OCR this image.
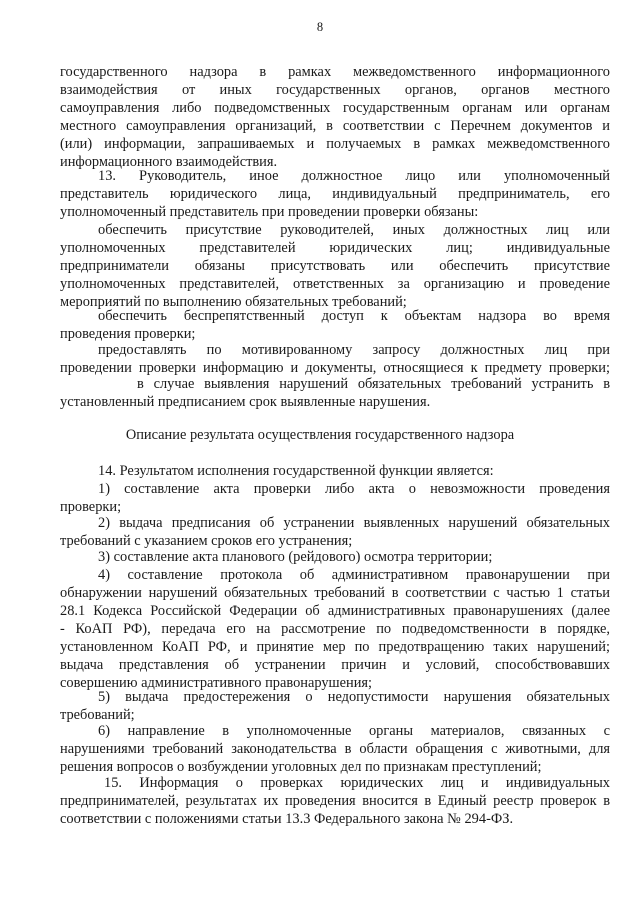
8
государственного надзора в рамках межведомственного информационного
взаимодействия от иных государственных органов, органов местного
самоуправления либо подведомственных государственным органам или органам
местного самоуправления организаций, в соответствии с Перечнем документов и
(или) информации, запрашиваемых и получаемых в рамках межведомственного
информационного взаимодействия.
13. Руководитель, иное должностное лицо или уполномоченный
представитель юридического лица, индивидуальный предприниматель, его
уполномоченный представитель при проведении проверки обязаны:
обеспечить присутствие руководителей, иных должностных лиц или
уполномоченных представителей юридических лиц; индивидуальные
предприниматели обязаны присутствовать или обеспечить присутствие
уполномоченных представителей, ответственных за организацию и проведение
мероприятий по выполнению обязательных требований;
обеспечить беспрепятственный доступ к объектам надзора во время
проведения проверки;
предоставлять по мотивированному запросу должностных лиц при
проведении проверки информацию и документы, относящиеся к предмету проверки;
в случае выявления нарушений обязательных требований устранить в
установленный предписанием срок выявленные нарушения.
Описание результата осуществления государственного надзора
14. Результатом исполнения государственной функции является:
1) составление акта проверки либо акта о невозможности проведения
проверки;
2) выдача предписания об устранении выявленных нарушений обязательных
требований с указанием сроков его устранения;
3) составление акта планового (рейдового) осмотра территории;
4) составление протокола об административном правонарушении при
обнаружении нарушений обязательных требований в соответствии с частью 1 статьи
28.1 Кодекса Российской Федерации об административных правонарушениях (далее
- КоАП РФ), передача его на рассмотрение по подведомственности в порядке,
установленном КоАП РФ, и принятие мер по предотвращению таких нарушений;
выдача представления об устранении причин и условий, способствовавших
совершению административного правонарушения;
5) выдача предостережения о недопустимости нарушения обязательных
требований;
6) направление в уполномоченные органы материалов, связанных с
нарушениями требований законодательства в области обращения с животными, для
решения вопросов о возбуждении уголовных дел по признакам преступлений;
15. Информация о проверках юридических лиц и индивидуальных
предпринимателей, результатах их проведения вносится в Единый реестр проверок в
соответствии с положениями статьи 13.3 Федерального закона № 294-ФЗ.
